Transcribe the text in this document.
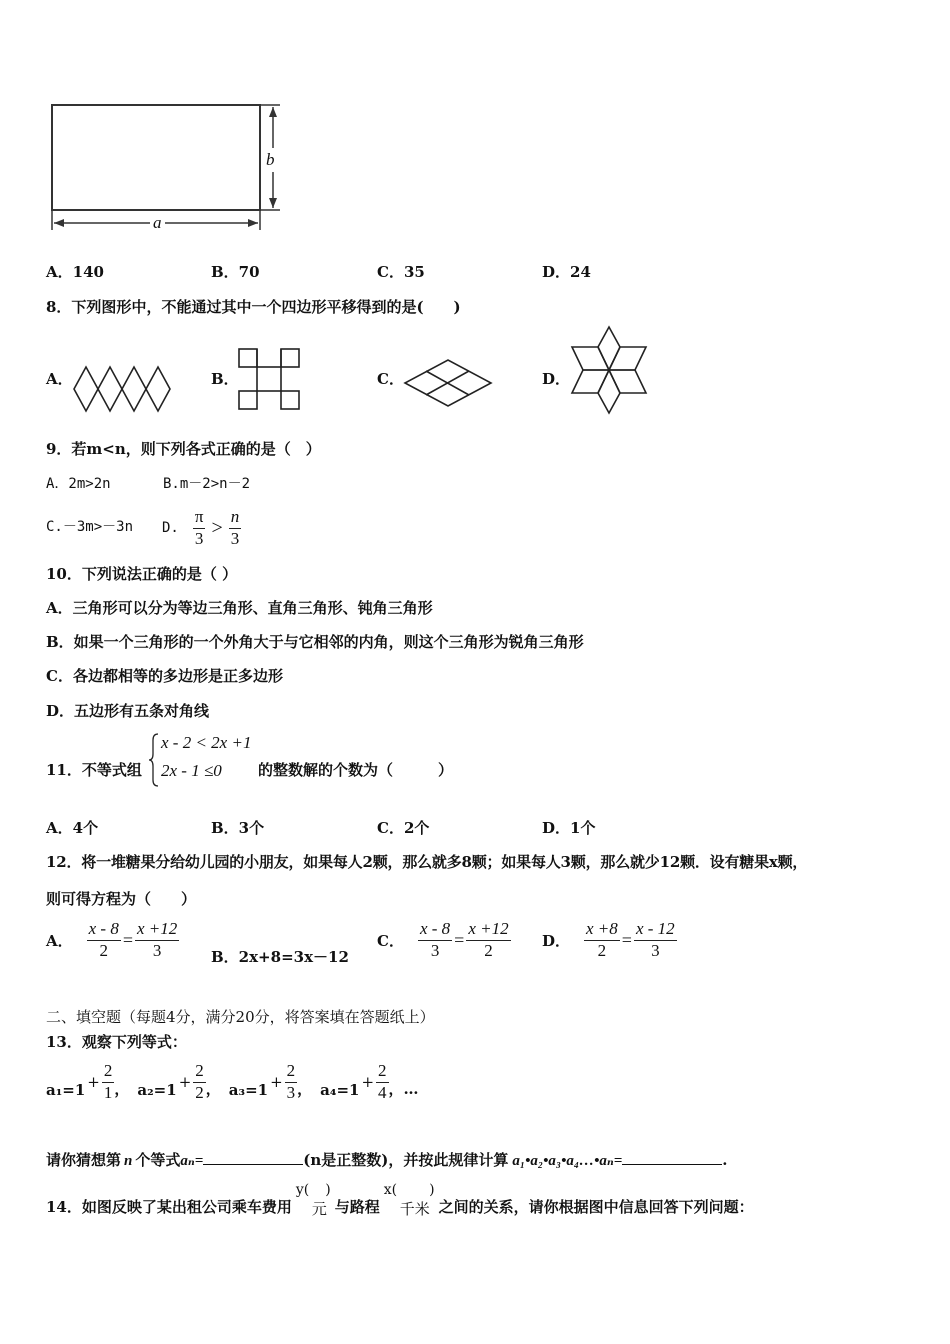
a
b
A．140	B．70	C．35	D．24
8．下列图形中，不能通过其中一个四边形平移得到的是(　　)
A．	B．	C．	D．
9．若m<n，则下列各式正确的是（　）
A．2m>2n	B.m－2>n－2
C.－3m>－3n D. $\frac{\pi}{3} > \frac{n}{3}$
10．下列说法正确的是（ ）
A．三角形可以分为等边三角形、直角三角形、钝角三角形
B．如果一个三角形的一个外角大于与它相邻的内角，则这个三角形为锐角三角形
C．各边都相等的多边形是正多边形
D．五边形有五条对角线
11．不等式组
x - 2 < 2x +1
2x - 1 ≤0 的整数解的个数为（　　　）
A．4个	B．3个	C．2个	D．1个
12．将一堆糖果分给幼儿园的小朋友，如果每人2颗，那么就多8颗；如果每人3颗，那么就少12颗．设有糖果x颗，
则可得方程为（　　）
A． $\frac{x - 8}{2} = \frac{x +12}{3}$ B．2x+8=3x－12
C． $\frac{x - 8}{3} = \frac{x +12}{2}$ D． $\frac{x +8}{2} = \frac{x - 12}{3}$
二、填空题（每题4分，满分20分，将答案填在答题纸上）
13．观察下列等式：
$a_1=1 + \frac{2}{1}$ ， $a_2=1 + \frac{2}{2}$ ， $a_3=1 + \frac{2}{3}$ ， $a_4=1 + \frac{2}{4}$ ，…
请你猜想第 n 个等式aₙ=	(n是正整数)，并按此规律计算 a₁•a₂•a₃•a₄…•aₙ=	.
14．如图反映了某出租公司乘车费用
y( )
元 与路程
x( )
千米 之间的关系，请你根据图中信息回答下列问题：
